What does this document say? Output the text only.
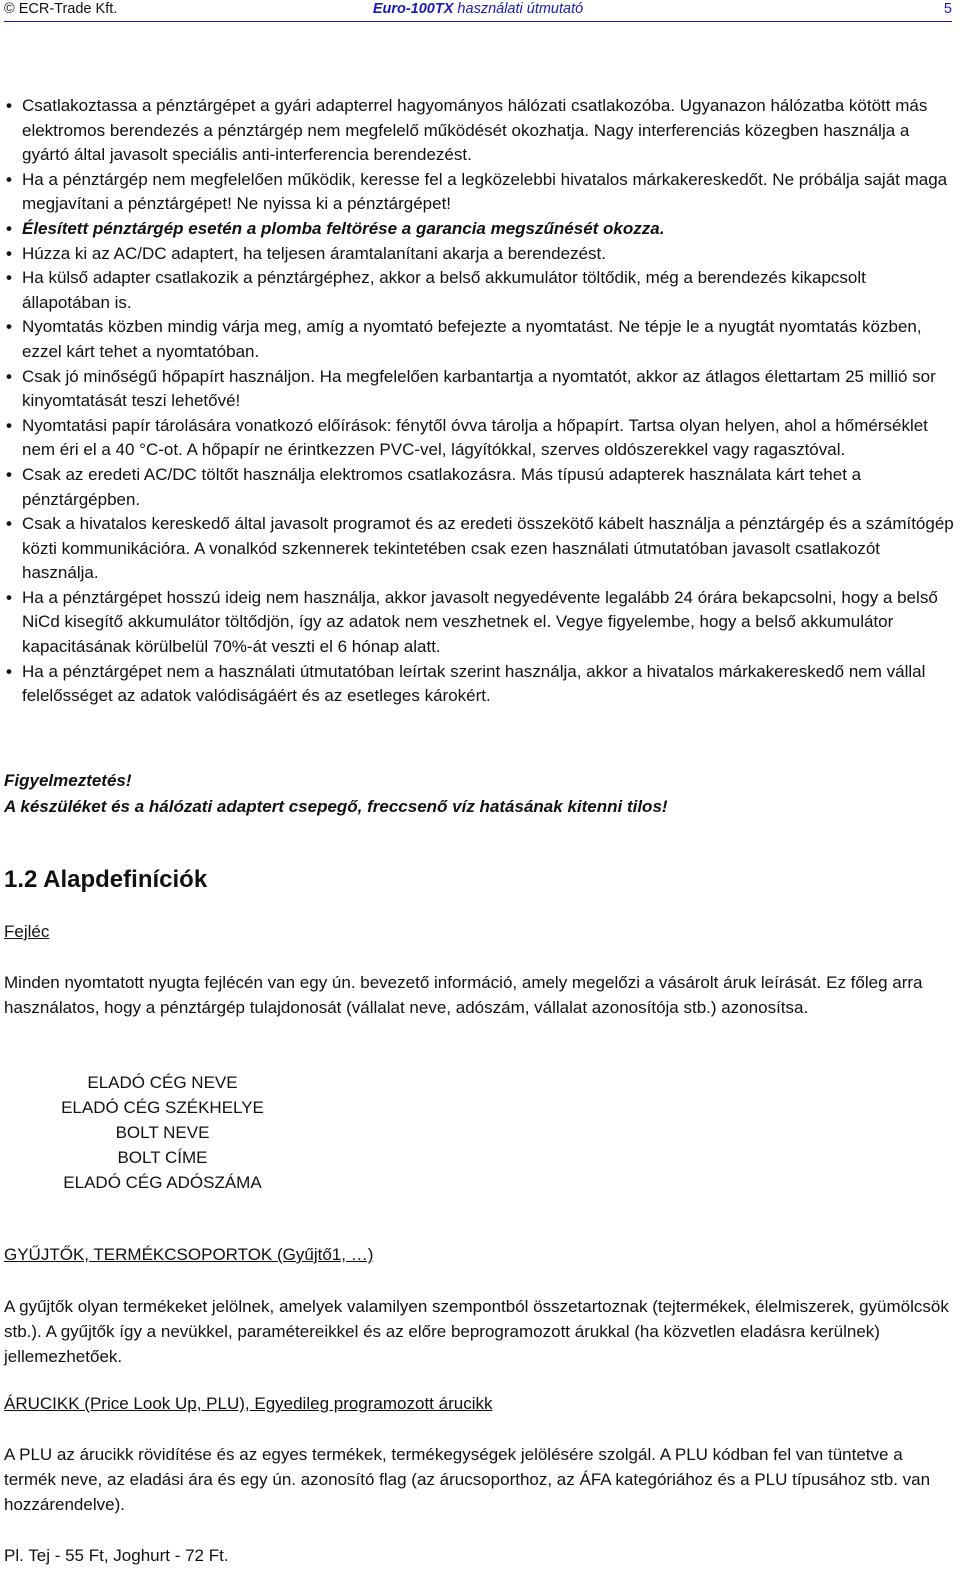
© ECR-Trade Kft.	Euro-100TX használati útmutató	5
• Csatlakoztassa a pénztárgépet a gyári adapterrel hagyományos hálózati csatlakozóba. Ugyanazon hálózatba kötött más elektromos berendezés a pénztárgép nem megfelelő működését okozhatja. Nagy interferenciás közegben használja a gyártó által javasolt speciális anti-interferencia berendezést.
• Ha a pénztárgép nem megfelelően működik, keresse fel a legközelebbi hivatalos márkakereskedőt. Ne próbálja saját maga megjavítani a pénztárgépet! Ne nyissa ki a pénztárgépet!
• Élesített pénztárgép esetén a plomba feltörése a garancia megszűnését okozza.
• Húzza ki az AC/DC adaptert, ha teljesen áramtalanítani akarja a berendezést.
• Ha külső adapter csatlakozik a pénztárgéphez, akkor a belső akkumulátor töltődik, még a berendezés kikapcsolt állapotában is.
• Nyomtatás közben mindig várja meg, amíg a nyomtató befejezte a nyomtatást. Ne tépje le a nyugtát nyomtatás közben, ezzel kárt tehet a nyomtatóban.
• Csak jó minőségű hőpapírt használjon. Ha megfelelően karbantartja a nyomtatót, akkor az átlagos élettartam 25 millió sor kinyomtatását teszi lehetővé!
• Nyomtatási papír tárolására vonatkozó előírások: fénytől óvva tárolja a hőpapírt. Tartsa olyan helyen, ahol a hőmérséklet nem éri el a 40 °C-ot. A hőpapír ne érintkezzen PVC-vel, lágyítókkal, szerves oldószerekkel vagy ragasztóval.
• Csak az eredeti AC/DC töltőt használja elektromos csatlakozásra. Más típusú adapterek használata kárt tehet a pénztárgépben.
• Csak a hivatalos kereskedő által javasolt programot és az eredeti összekötő kábelt használja a pénztárgép és a számítógép közti kommunikációra. A vonalkód szkennerek tekintetében csak ezen használati útmutatóban javasolt csatlakozót használja.
• Ha a pénztárgépet hosszú ideig nem használja, akkor javasolt negyedévente legalább 24 órára bekapcsolni, hogy a belső NiCd kisegítő akkumulátor töltődjön, így az adatok nem veszhetnek el. Vegye figyelembe, hogy a belső akkumulátor kapacitásának körülbelül 70%-át veszti el 6 hónap alatt.
• Ha a pénztárgépet nem a használati útmutatóban leírtak szerint használja, akkor a hivatalos márkakereskedő nem vállal felelősséget az adatok valódiságáért és az esetleges károkért.
Figyelmeztetés!
A készüléket és a hálózati adaptert csepegő, freccsenő víz hatásának kitenni tilos!
1.2 Alapdefiníciók
Fejléc

Minden nyomtatott nyugta fejlécén van egy ún. bevezető információ, amely megelőzi a vásárolt áruk leírását. Ez főleg arra használatos, hogy a pénztárgép tulajdonosát (vállalat neve, adószám, vállalat azonosítója stb.) azonosítsa.

ELADÓ CÉG NEVE
ELADÓ CÉG SZÉKHELYE
BOLT NEVE
BOLT CÍME
ELADÓ CÉG ADÓSZÁMA
GYŰJTŐK, TERMÉKCSOPORTOK (Gyűjtő1, …)

A gyűjtők olyan termékeket jelölnek, amelyek valamilyen szempontból összetartoznak (tejtermékek, élelmiszerek, gyümölcsök stb.). A gyűjtők így a nevükkel, paramétereikkel és az előre beprogramozott árukkal (ha közvetlen eladásra kerülnek) jellemezhetőek.

ÁRUCIKK (Price Look Up, PLU), Egyedileg programozott árucikk

A PLU az árucikk rövidítése és az egyes termékek, termékegységek jelölésére szolgál. A PLU kódban fel van tüntetve a termék neve, az eladási ára és egy ún. azonosító flag (az árucsoporthoz, az ÁFA kategóriához és a PLU típusához stb. van hozzárendelve).

Pl. Tej - 55 Ft, Joghurt - 72 Ft.
